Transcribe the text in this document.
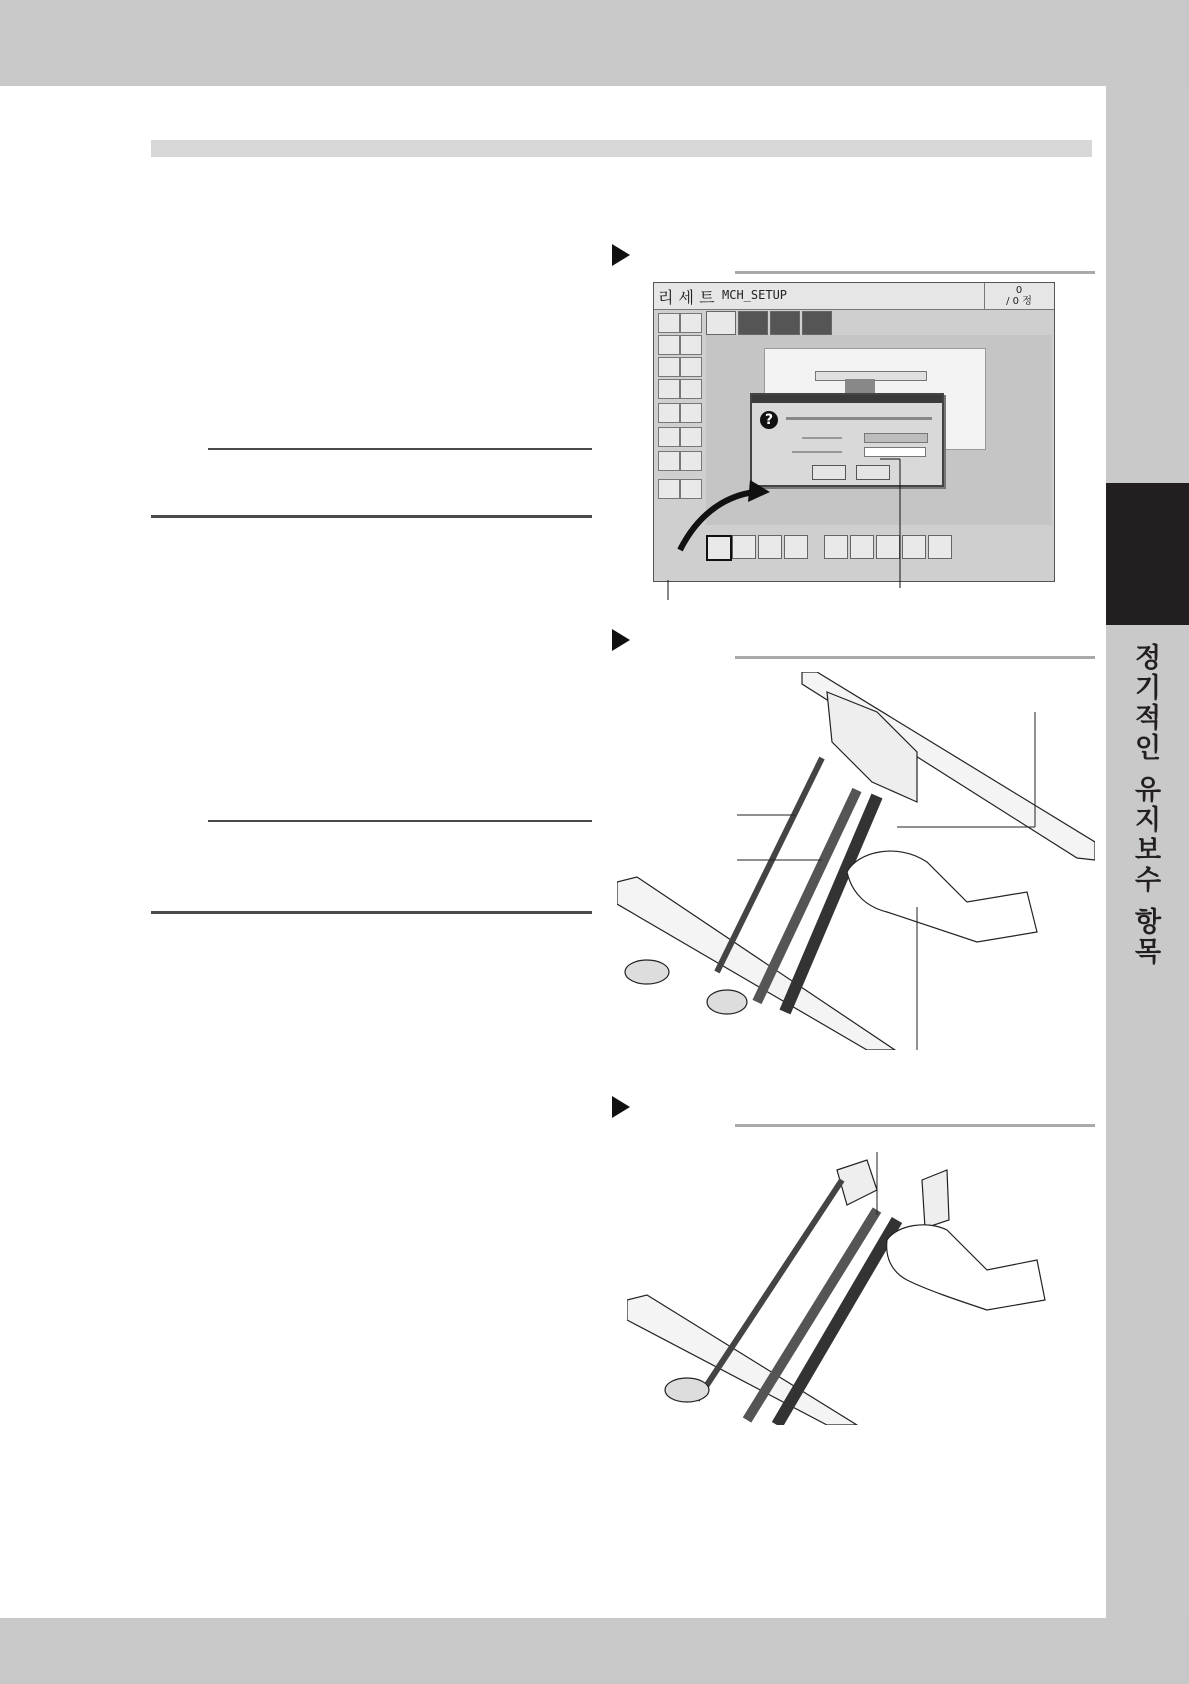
정
기
적
인
유
지
보
수
항
목
리 세 트 MCH_SETUP	0
/ 0 정
?
